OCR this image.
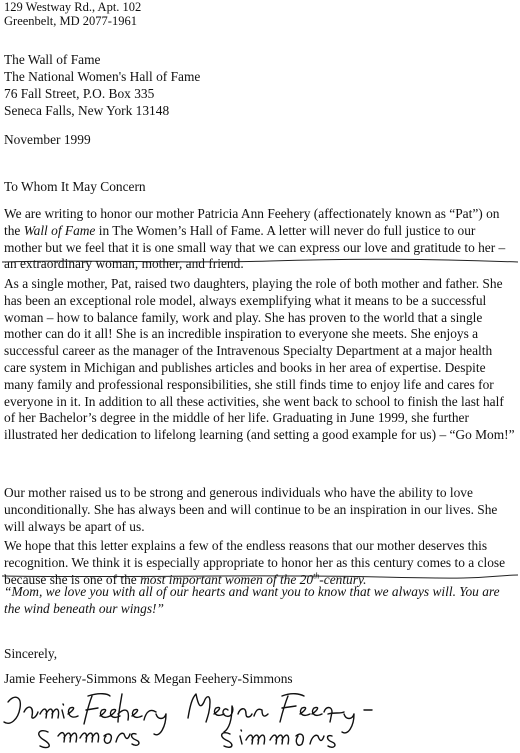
129 Westway Rd., Apt. 102
Greenbelt, MD 2077-1961
The Wall of Fame
The National Women's Hall of Fame
76 Fall Street, P.O. Box 335
Seneca Falls, New York 13148
November 1999
To Whom It May Concern

We are writing to honor our mother Patricia Ann Feehery (affectionately known as “Pat”) on the Wall of Fame in The Women’s Hall of Fame. A letter will never do full justice to our mother but we feel that it is one small way that we can express our love and gratitude to her – an extraordinary woman, mother, and friend.

As a single mother, Pat, raised two daughters, playing the role of both mother and father. She has been an exceptional role model, always exemplifying what it means to be a successful woman – how to balance family, work and play. She has proven to the world that a single mother can do it all! She is an incredible inspiration to everyone she meets. She enjoys a successful career as the manager of the Intravenous Specialty Department at a major health care system in Michigan and publishes articles and books in her area of expertise. Despite many family and professional responsibilities, she still finds time to enjoy life and cares for everyone in it. In addition to all these activities, she went back to school to finish the last half of her Bachelor’s degree in the middle of her life. Graduating in June 1999, she further illustrated her dedication to lifelong learning (and setting a good example for us) – “Go Mom!”

Our mother raised us to be strong and generous individuals who have the ability to love unconditionally. She has always been and will continue to be an inspiration in our lives. She will always be apart of us.

We hope that this letter explains a few of the endless reasons that our mother deserves this recognition. We think it is especially appropriate to honor her as this century comes to a close because she is one of the most important women of the 20th-century.

“Mom, we love you with all of our hearts and want you to know that we always will. You are the wind beneath our wings!”

Sincerely,
Jamie Feehery-Simmons & Megan Feehery-Simmons
